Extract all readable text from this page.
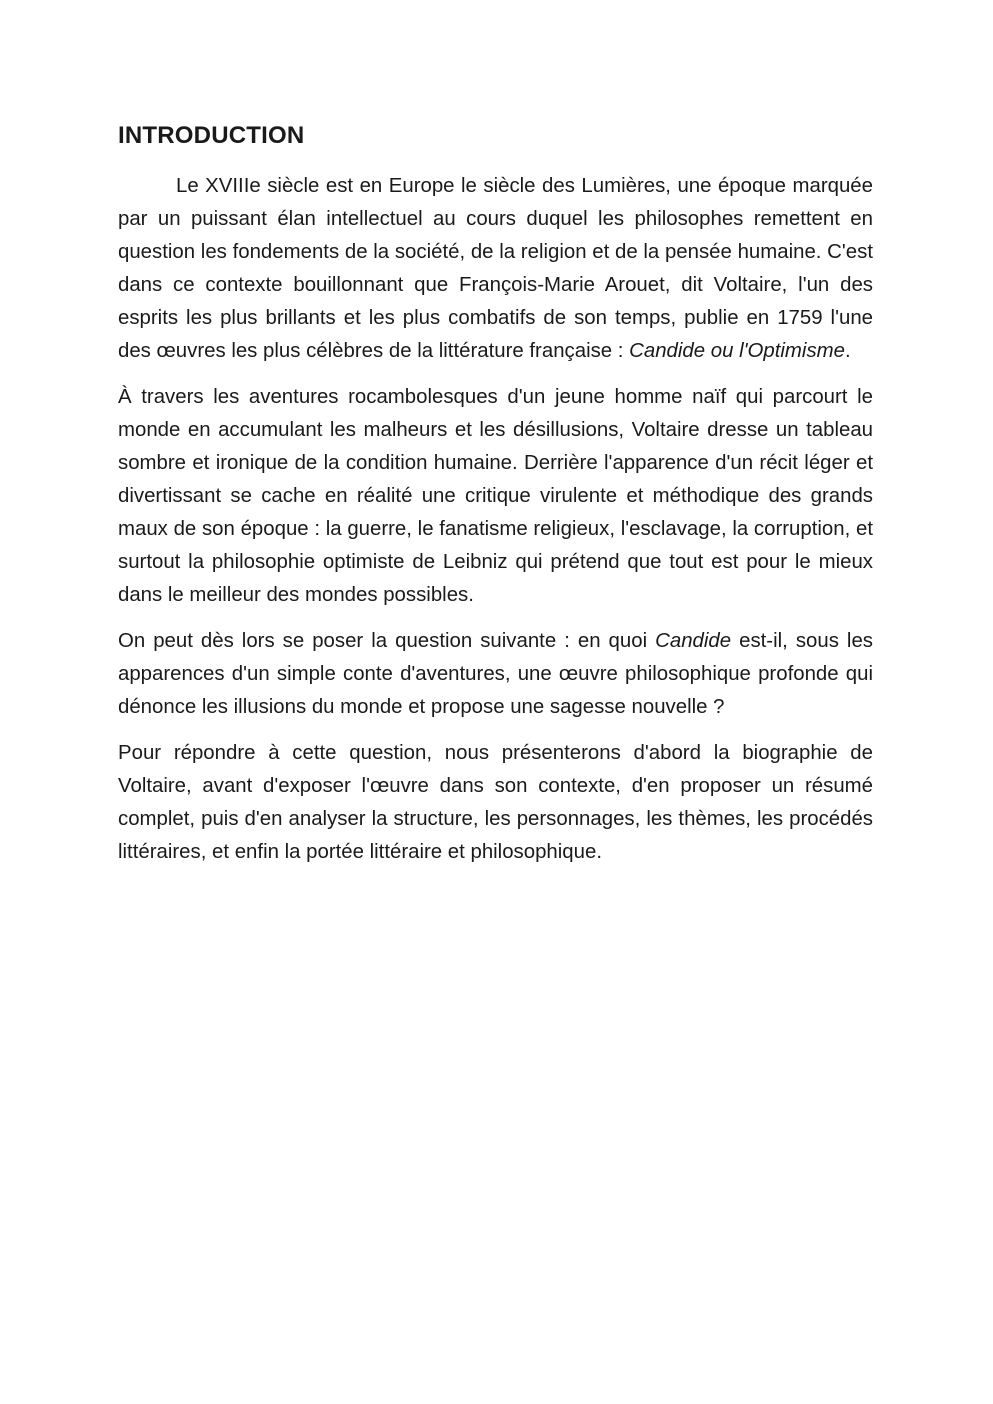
INTRODUCTION

Le XVIIIe siècle est en Europe le siècle des Lumières, une époque marquée par un puissant élan intellectuel au cours duquel les philosophes remettent en question les fondements de la société, de la religion et de la pensée humaine. C'est dans ce contexte bouillonnant que François-Marie Arouet, dit Voltaire, l'un des esprits les plus brillants et les plus combatifs de son temps, publie en 1759 l'une des œuvres les plus célèbres de la littérature française : Candide ou l'Optimisme.

À travers les aventures rocambolesques d'un jeune homme naïf qui parcourt le monde en accumulant les malheurs et les désillusions, Voltaire dresse un tableau sombre et ironique de la condition humaine. Derrière l'apparence d'un récit léger et divertissant se cache en réalité une critique virulente et méthodique des grands maux de son époque : la guerre, le fanatisme religieux, l'esclavage, la corruption, et surtout la philosophie optimiste de Leibniz qui prétend que tout est pour le mieux dans le meilleur des mondes possibles.

On peut dès lors se poser la question suivante : en quoi Candide est-il, sous les apparences d'un simple conte d'aventures, une œuvre philosophique profonde qui dénonce les illusions du monde et propose une sagesse nouvelle ?

Pour répondre à cette question, nous présenterons d'abord la biographie de Voltaire, avant d'exposer l'œuvre dans son contexte, d'en proposer un résumé complet, puis d'en analyser la structure, les personnages, les thèmes, les procédés littéraires, et enfin la portée littéraire et philosophique.
